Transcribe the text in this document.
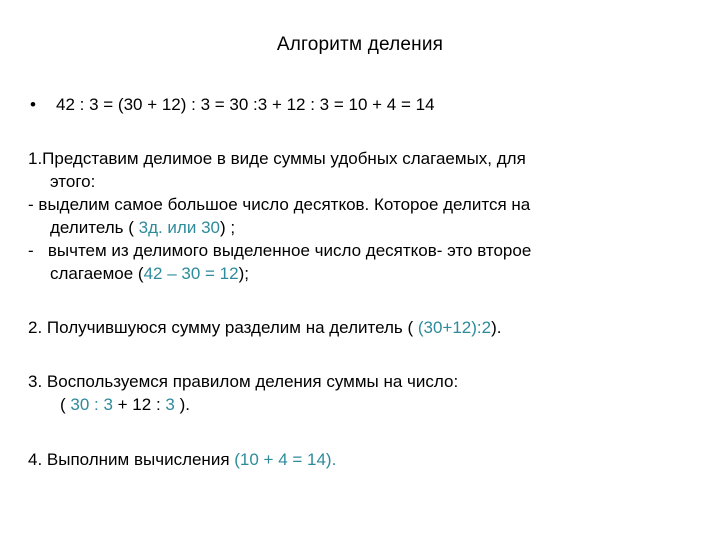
Алгоритм деления
• 42 : 3 = (30 + 12) : 3 = 30 :3 + 12 : 3 = 10 + 4 = 14
1.Представим делимое в виде суммы удобных слагаемых, для
этого:
- выделим самое большое число десятков. Которое делится на
делитель ( 3д. или 30) ;
- вычтем из делимого выделенное число десятков- это второе
слагаемое (42 – 30 = 12);
2. Получившуюся сумму разделим на делитель ( (30+12):2).
3. Воспользуемся правилом деления суммы на число:
( 30 : 3 + 12 : 3 ).
4. Выполним вычисления (10 + 4 = 14).
